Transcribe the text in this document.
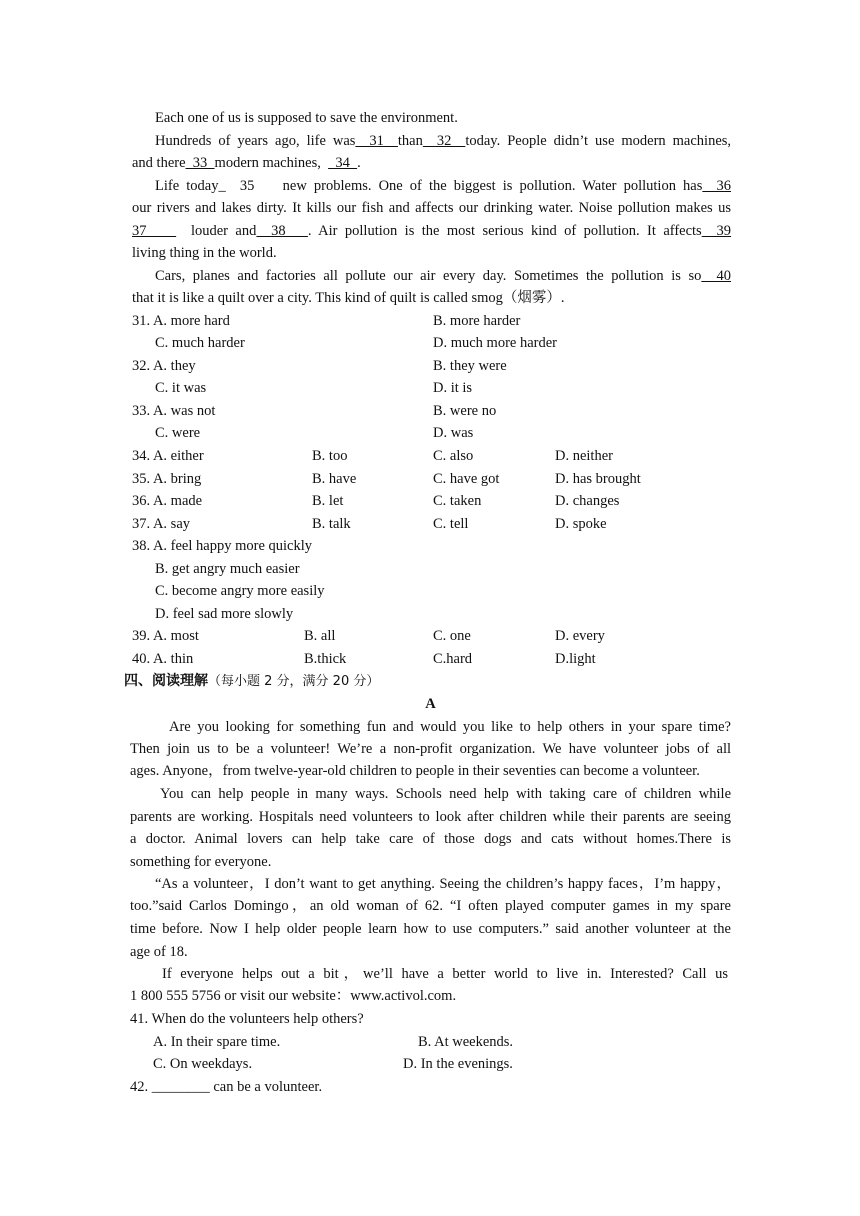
Each one of us is supposed to save the environment.
Hundreds of years ago, life was  31  than  32  today. People didn’t use modern machines,
and there  33  modern machines,    34  .
Life today_  35    new problems. One of the biggest is pollution. Water pollution has  36
our rivers and lakes dirty. It kills our fish and affects our drinking water. Noise pollution makes us
37      louder and  38   . Air pollution is the most serious kind of pollution. It affects  39
living thing in the world.
Cars, planes and factories all pollute our air every day. Sometimes the pollution is so  40
that it is like a quilt over a city. This kind of quilt is called smog（烟雾）.
31. A. more hard	B. more harder
C. much harder	D. much more harder
32. A. they	B. they were
C. it was	D. it is
33. A. was not	B. were no
C. were	D. was
34. A. either	B. too	C. also	D. neither
35. A. bring	B. have	C. have got	D. has brought
36. A. made	B. let	C. taken	D. changes
37. A. say	B. talk	C. tell	D. spoke
38. A. feel happy more quickly
B. get angry much easier
C. become angry more easily
D. feel sad more slowly
39. A. most	B. all	C. one	D. every
40. A. thin	B.thick	C.hard	D.light
四、阅读理解（每小题 2 分，满分 20 分）
A
Are you looking for something fun and would you like to help others in your spare time?
Then join us to be a volunteer! We’re a non-profit organization. We have volunteer jobs of all
ages. Anyone，from twelve-year-old children to people in their seventies can become a volunteer.
You can help people in many ways. Schools need help with taking care of children while
parents are working. Hospitals need volunteers to look after children while their parents are seeing
a doctor. Animal lovers can help take care of those dogs and cats without homes.There is
something for everyone.
“As a volunteer，I don’t want to get anything. Seeing the children’s happy faces，I’m happy，
too.”said Carlos Domingo，an old woman of 62. “I often played computer games in my spare
time before. Now I help older people learn how to use computers.” said another volunteer at the
age of 18.
If everyone helps out a bit，we’ll have a better world to live in. Interested? Call us
1 800 555 5756 or visit our website：www.activol.com.
41. When do the volunteers help others?
A. In their spare time.	B. At weekends.
C. On weekdays.	D. In the evenings.
42. ________ can be a volunteer.
